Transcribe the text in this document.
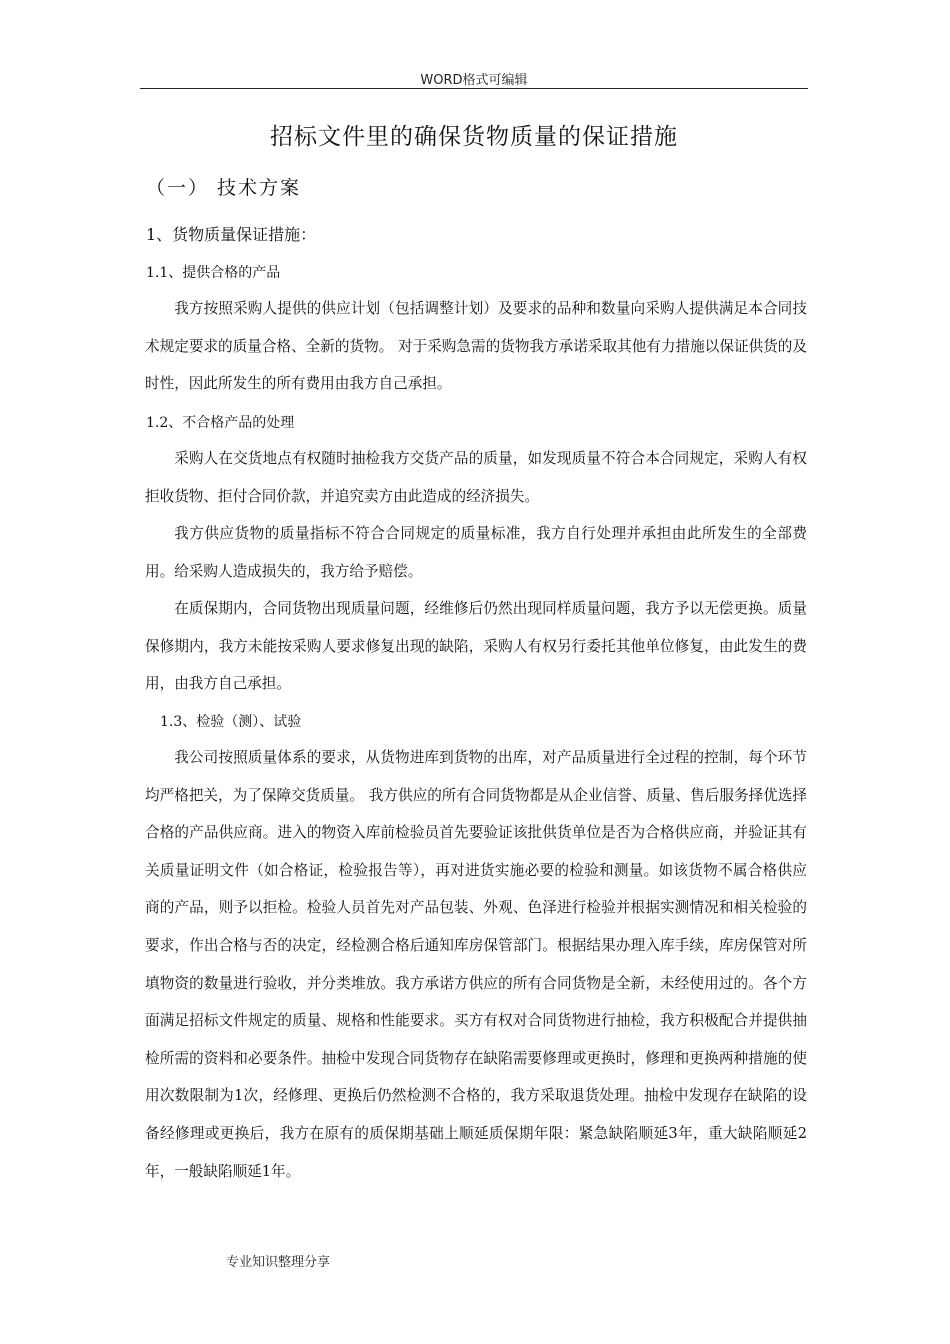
WORD格式可编辑
招标文件里的确保货物质量的保证措施
（一） 技术方案
1、货物质量保证措施：
1.1、提供合格的产品

我方按照采购人提供的供应计划（包括调整计划）及要求的品种和数量向采购人提供满足本合同技术规定要求的质量合格、全新的货物。 对于采购急需的货物我方承诺采取其他有力措施以保证供货的及时性，因此所发生的所有费用由我方自己承担。

1.2、不合格产品的处理

采购人在交货地点有权随时抽检我方交货产品的质量，如发现质量不符合本合同规定，采购人有权拒收货物、拒付合同价款，并追究卖方由此造成的经济损失。

我方供应货物的质量指标不符合合同规定的质量标准，我方自行处理并承担由此所发生的全部费用。给采购人造成损失的，我方给予赔偿。

在质保期内，合同货物出现质量问题，经维修后仍然出现同样质量问题，我方予以无偿更换。质量保修期内，我方未能按采购人要求修复出现的缺陷，采购人有权另行委托其他单位修复，由此发生的费用，由我方自己承担。

1.3、检验（测）、试验

我公司按照质量体系的要求，从货物进库到货物的出库，对产品质量进行全过程的控制，每个环节均严格把关，为了保障交货质量。 我方供应的所有合同货物都是从企业信誉、质量、售后服务择优选择 合格的产品供应商。进入的物资入库前检验员首先要验证该批供货单位是否为合格供应商，并验证其有关质量证明文件（如合格证，检验报告等），再对进货实施必要的检验和测量。如该货物不属合格供应商的产品，则予以拒检。检验人员首先对产品包装、外观、色泽进行检验并根据实测情况和相关检验的要求，作出合格与否的决定，经检测合格后通知库房保管部门。根据结果办理入库手续，库房保管对所填物资的数量进行验收，并分类堆放。我方承诺方供应的所有合同货物是全新，未经使用过的。各个方面满足招标文件规定的质量、规格和性能要求。买方有权对合同货物进行抽检，我方积极配合并提供抽检所需的资料和必要条件。抽检中发现合同货物存在缺陷需要修理或更换时，修理和更换两种措施的使用次数限制为1次，经修理、更换后仍然检测不合格的，我方采取退货处理。抽检中发现存在缺陷的设备经修理或更换后，我方在原有的质保期基础上顺延质保期年限：紧急缺陷顺延3年，重大缺陷顺延2年，一般缺陷顺延1年。

专业知识整理分享
